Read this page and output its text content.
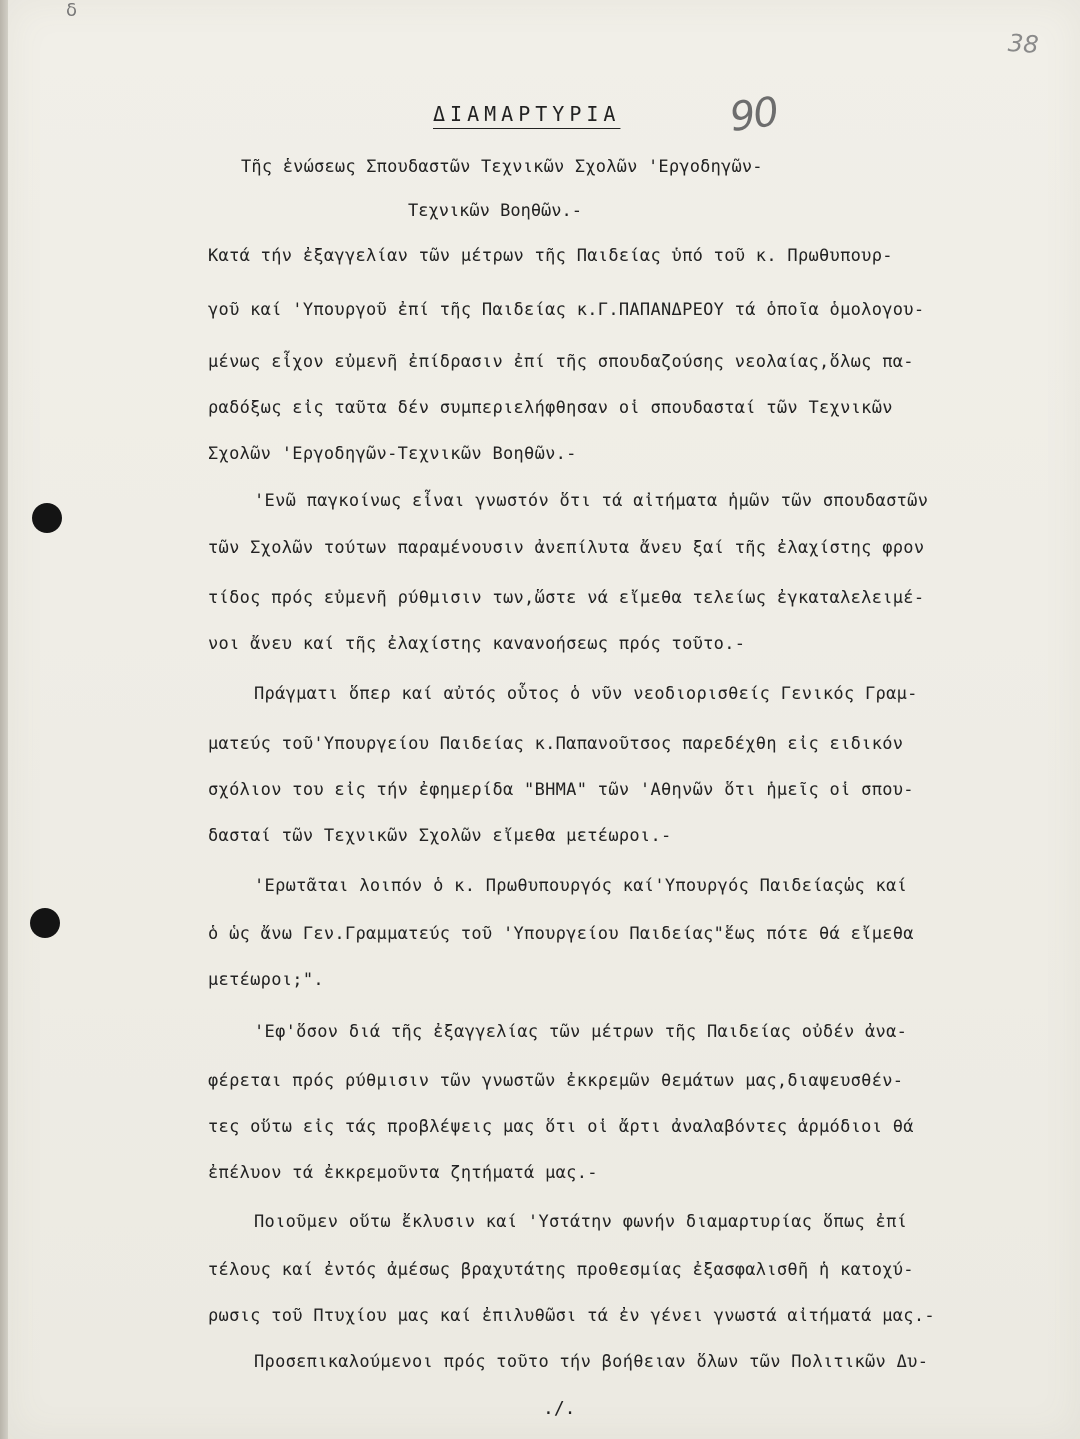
δ
38
90
ΔΙΑΜΑΡΤΥΡΙΑ
Τῆς ἑνώσεως Σπουδαστῶν Τεχνικῶν Σχολῶν 'Εργοδηγῶν-
Τεχνικῶν Βοηθῶν.-
Κατά τήν ἐξαγγελίαν τῶν μέτρων τῆς Παιδείας ὑπό τοῦ κ. Πρωθυπουρ-
γοῦ καί 'Υπουργοῦ ἐπί τῆς Παιδείας κ.Γ.ΠΑΠΑΝΔΡΕΟΥ τά ὁποῖα ὁμολογου-
μένως εἶχον εὐμενῆ ἐπίδρασιν ἐπί τῆς σπουδαζούσης νεολαίας,ὅλως πα-
ραδόξως εἰς ταῦτα δέν συμπεριελήφθησαν οἱ σπουδασταί τῶν Τεχνικῶν
Σχολῶν 'Εργοδηγῶν-Τεχνικῶν Βοηθῶν.-
'Ενῶ παγκοίνως εἶναι γνωστόν ὅτι τά αἰτήματα ἡμῶν τῶν σπουδαστῶν
τῶν Σχολῶν τούτων παραμένουσιν ἀνεπίλυτα ἄνευ ξαί τῆς ἐλαχίστης φρον
τίδος πρός εὐμενῆ ρύθμισιν των,ὥστε νά εἴμεθα τελείως ἐγκαταλελειμέ-
νοι ἄνευ καί τῆς ἐλαχίστης καvανοήσεως πρός τοῦτο.-
Πράγματι ὅπερ καί αὐτός οὗτος ὁ νῦν νεοδιορισθείς Γενικός Γραμ-
ματεύς τοῦ'Υπουργείου Παιδείας κ.Παπανοῦτσος παρεδέχθη εἰς ειδικόν
σχόλιον του εἰς τήν ἐφημερίδα "ΒΗΜΑ" τῶν 'Αθηνῶν ὅτι ἡμεῖς οἱ σπου-
δασταί τῶν Τεχνικῶν Σχολῶν εἴμεθα μετέωροι.-
'Ερωτᾶται λοιπόν ὁ κ. Πρωθυπουργός καί'Υπουργός Παιδείαςὡς καί
ὁ ὡς ἄνω Γεν.Γραμματεύς τοῦ 'Υπουργείου Παιδείας"ἕως πότε θά εἴμεθα
μετέωροι;".
'Εφ'ὅσον διά τῆς ἐξαγγελίας τῶν μέτρων τῆς Παιδείας οὐδέν ἀνα-
φέρεται πρός ρύθμισιν τῶν γνωστῶν ἐκκρεμῶν θεμάτων μας,διαψευσθέν-
τες οὕτω εἰς τάς προβλέψεις μας ὅτι οἱ ἄρτι ἀναλαβόντες ἁρμόδιοι θά
ἐπέλυον τά ἐκκρεμοῦντα ζητήματά μας.-
Ποιοῦμεν οὕτω ἔκλυσιν καί 'Υστάτην φωνήν διαμαρτυρίας ὅπως ἐπί
τέλους καί ἐντός ἀμέσως βραχυτάτης προθεσμίας ἐξασφαλισθῆ ἡ κατοχύ-
ρωσις τοῦ Πτυχίου μας καί ἐπιλυθῶσι τά ἐν γένει γνωστά αἰτήματά μας.-
Προσεπικαλούμενοι πρός τοῦτο τήν βοήθειαν ὅλων τῶν Πολιτικῶν Δυ-
./.
